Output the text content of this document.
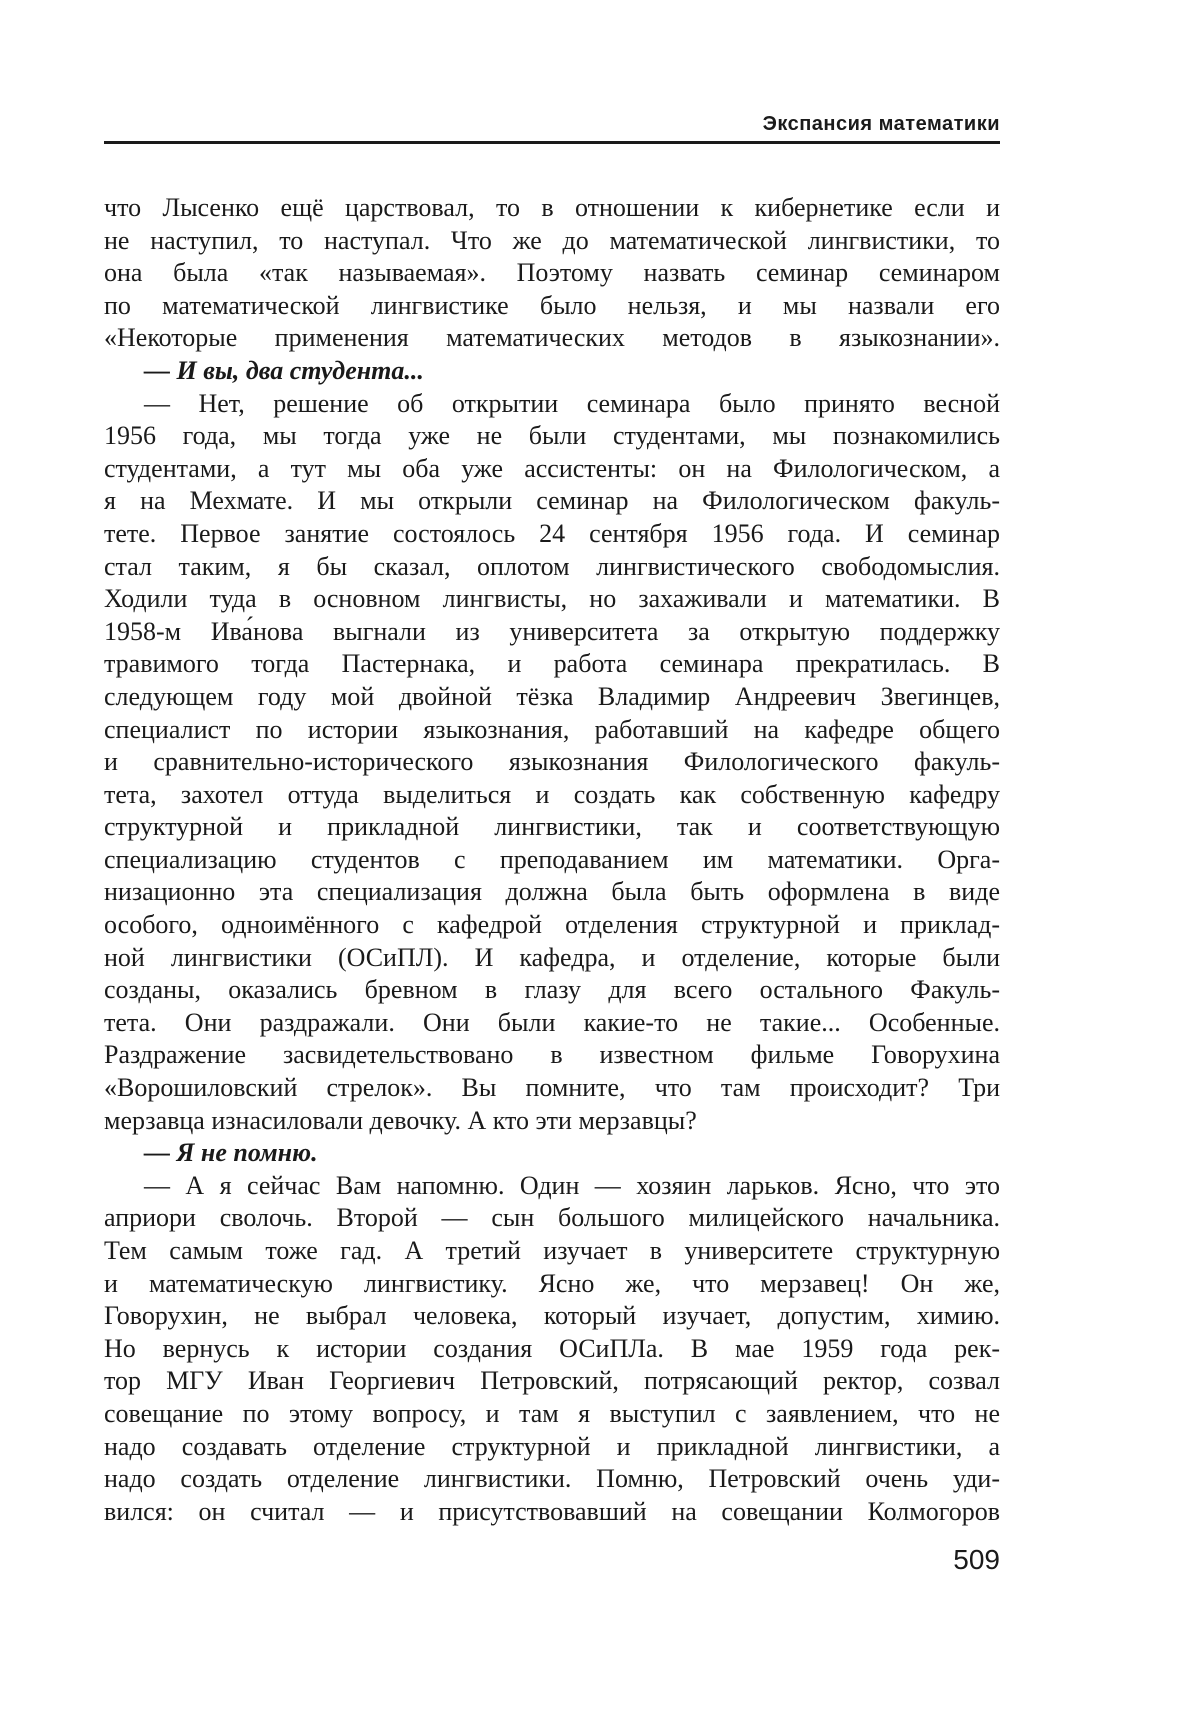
Экспансия математики
что Лысенко ещё царствовал, то в отношении к кибернетике если и
не наступил, то наступал. Что же до математической лингвистики, то
она была «так называемая». Поэтому назвать семинар семинаром
по математической лингвистике было нельзя, и мы назвали его
«Некоторые применения математических методов в языкознании».
— И вы, два студента...
— Нет, решение об открытии семинара было принято весной
1956 года, мы тогда уже не были студентами, мы познакомились
студентами, а тут мы оба уже ассистенты: он на Филологическом, а
я на Мехмате. И мы открыли семинар на Филологическом факуль-
тете. Первое занятие состоялось 24 сентября 1956 года. И семинар
стал таким, я бы сказал, оплотом лингвистического свободомыслия.
Ходили туда в основном лингвисты, но захаживали и математики. В
1958-м Ива́нова выгнали из университета за открытую поддержку
травимого тогда Пастернака, и работа семинара прекратилась. В
следующем году мой двойной тёзка Владимир Андреевич Звегинцев,
специалист по истории языкознания, работавший на кафедре общего
и сравнительно-исторического языкознания Филологического факуль-
тета, захотел оттуда выделиться и создать как собственную кафедру
структурной и прикладной лингвистики, так и соответствующую
специализацию студентов с преподаванием им математики. Орга-
низационно эта специализация должна была быть оформлена в виде
особого, одноимённого с кафедрой отделения структурной и приклад-
ной лингвистики (ОСиПЛ). И кафедра, и отделение, которые были
созданы, оказались бревном в глазу для всего остального Факуль-
тета. Они раздражали. Они были какие-то не такие... Особенные.
Раздражение засвидетельствовано в известном фильме Говорухина
«Ворошиловский стрелок». Вы помните, что там происходит? Три
мерзавца изнасиловали девочку. А кто эти мерзавцы?
— Я не помню.
— А я сейчас Вам напомню. Один — хозяин ларьков. Ясно, что это
априори сволочь. Второй — сын большого милицейского начальника.
Тем самым тоже гад. А третий изучает в университете структурную
и математическую лингвистику. Ясно же, что мерзавец! Он же,
Говорухин, не выбрал человека, который изучает, допустим, химию.
Но вернусь к истории создания ОСиПЛа. В мае 1959 года рек-
тор МГУ Иван Георгиевич Петровский, потрясающий ректор, созвал
совещание по этому вопросу, и там я выступил с заявлением, что не
надо создавать отделение структурной и прикладной лингвистики, а
надо создать отделение лингвистики. Помню, Петровский очень уди-
вился: он считал — и присутствовавший на совещании Колмогоров
509
